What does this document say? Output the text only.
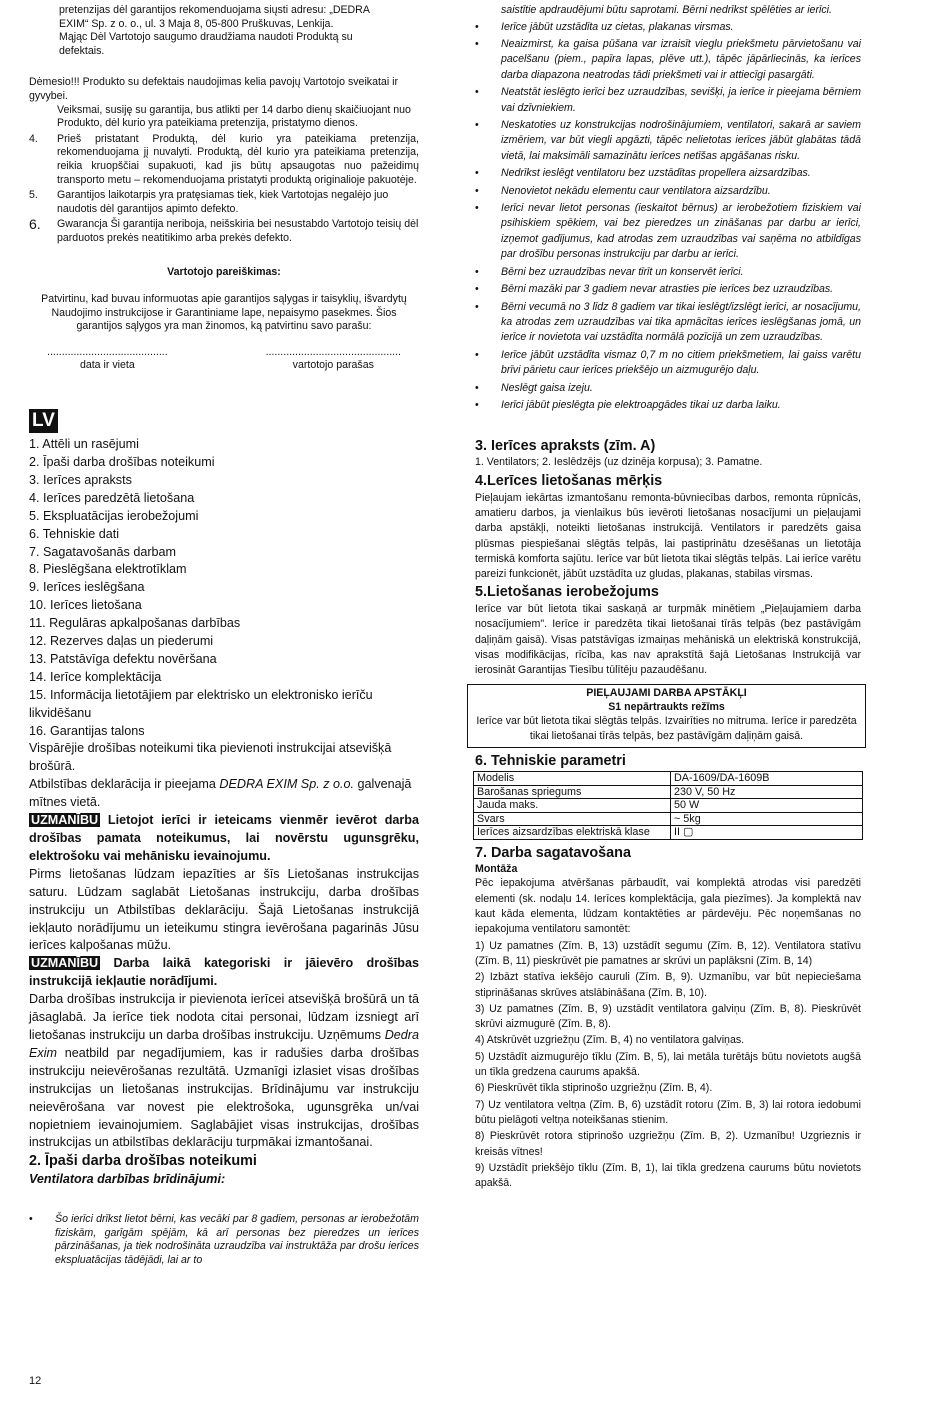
pretenzijas dėl garantijos rekomenduojama siųsti adresu: „DEDRA

EXIM“ Sp. z o. o., ul. 3 Maja 8, 05-800 Pruškuvas, Lenkija.

Mąjąc Dėl Vartotojo saugumo draudžiama naudoti Produktą su

defektais.

Dėmesio!!! Produkto su defektais naudojimas kelia pavojų Vartotojo sveikatai ir gyvybei.

Veiksmai, susiję su garantija, bus atlikti per 14 darbo dienų skaičiuojant nuo Produkto, dėl kurio yra pateikiama pretenzija, pristatymo dienos.

4.	Prieš pristatant Produktą, dėl kurio yra pateikiama pretenzija, rekomenduojama jį nuvalyti. Produktą, dėl kurio yra pateikiama pretenzija, reikia kruopščiai supakuoti, kad jis būtų apsaugotas nuo pažeidimų transporto metu – rekomenduojama pristatyti produktą originalioje pakuotėje.
5.	Garantijos laikotarpis yra pratęsiamas tiek, kiek Vartotojas negalėjo juo naudotis dėl garantijos apimto defekto.
6.	Gwarancja Ši garantija neriboja, neišskiria bei nesustabdo Vartotojo teisių dėl parduotos prekės neatitikimo arba prekės defekto.

Vartotojo pareiškimas:

Patvirtinu, kad buvau informuotas apie garantijos sąlygas ir taisyklių, išvardytų Naudojimo instrukcijose ir Garantiniame lape, nepaisymo pasekmes. Šios garantijos sąlygos yra man žinomos, ką patvirtinu savo parašu:

.........................................
data ir vieta
..............................................
vartotojo parašas
LV

1. Attēli un rasējumi

2. Īpaši darba drošības noteikumi

3. Ierīces apraksts

4. Ierīces paredzētā lietošana

5. Ekspluatācijas ierobežojumi

6. Tehniskie dati

7. Sagatavošanās darbam

8. Pieslēgšana elektrotīklam

9. Ierīces ieslēgšana

10. Ierīces lietošana

11. Regulāras apkalpošanas darbības

12. Rezerves daļas un piederumi

13. Patstāvīga defektu novēršana

14. Ierīce komplektācija

15. Informācija lietotājiem par elektrisko un elektronisko ierīču likvidēšanu

16. Garantijas talons

Vispārējie drošības noteikumi tika pievienoti instrukcijai atsevišķā brošūrā.

Atbilstības deklarācija ir pieejama DEDRA EXIM Sp. z o.o. galvenajā mītnes vietā.

UZMANĪBU Lietojot ierīci ir ieteicams vienmēr ievērot darba drošības pamata noteikumus, lai novērstu ugunsgrēku, elektrošoku vai mehānisku ievainojumu.

Pirms lietošanas lūdzam iepazīties ar šīs Lietošanas instrukcijas saturu. Lūdzam saglabāt Lietošanas instrukciju, darba drošības instrukciju un Atbilstības deklarāciju. Šajā Lietošanas instrukcijā iekļauto norādījumu un ieteikumu stingra ievērošana pagarinās Jūsu ierīces kalpošanas mūžu.

UZMANĪBU Darba laikā kategoriski ir jāievēro drošības instrukcijā iekļautie norādījumi.

Darba drošības instrukcija ir pievienota ierīcei atsevišķā brošūrā un tā jāsaglabā. Ja ierīce tiek nodota citai personai, lūdzam izsniegt arī lietošanas instrukciju un darba drošības instrukciju. Uzņēmums Dedra Exim neatbild par negadījumiem, kas ir radušies darba drošības instrukciju neievērošanas rezultātā. Uzmanīgi izlasiet visas drošības instrukcijas un lietošanas instrukcijas. Brīdinājumu var instrukciju neievērošana var novest pie elektrošoka, ugunsgrēka un/vai nopietniem ievainojumiem. Saglabājiet visas instrukcijas, drošības instrukcijas un atbilstības deklarāciju turpmākai izmantošanai.

2. Īpaši darba drošības noteikumi

Ventilatora darbības brīdinājumi:

•	Šo ierīci drīkst lietot bērni, kas vecāki par 8 gadiem, personas ar ierobežotām fiziskām, garīgām spējām, kā arī personas bez pieredzes un ierīces pārzināšanas, ja tiek nodrošināta uzraudzība vai instruktāža par drošu ierīces ekspluatācijas tādējādi, lai ar to

saistītie apdraudējumi būtu saprotami. Bērni nedrīkst spēlēties ar ierīci.

•	Ierīce jābūt uzstādīta uz cietas, plakanas virsmas.
•	Neaizmirst, ka gaisa pūšana var izraisīt vieglu priekšmetu pārvietošanu vai pacelšanu (piem., papīra lapas, plēve utt.), tāpēc jāpārliecinās, ka ierīces darba diapazona neatrodas tādi priekšmeti vai ir attiecīgi pasargāti.
•	Neatstāt ieslēgto ierīci bez uzraudzības, sevišķi, ja ierīce ir pieejama bērniem vai dzīvniekiem.
•	Neskatoties uz konstrukcijas nodrošinājumiem, ventilatori, sakarā ar saviem izmēriem, var būt viegli apgāzti, tāpēc nelietotas ierīces jābūt glabātas tādā vietā, lai maksimāli samazinātu ierīces netīšas apgāšanas risku.
•	Nedrīkst ieslēgt ventilatoru bez uzstādītas propellera aizsardzības.
•	Nenovietot nekādu elementu caur ventilatora aizsardzību.
•	Ierīci nevar lietot personas (ieskaitot bērnus) ar ierobežotiem fiziskiem vai psihiskiem spēkiem, vai bez pieredzes un zināšanas par darbu ar ierīci, izņemot gadījumus, kad atrodas zem uzraudzības vai saņēma no atbildīgas par drošību personas instrukciju par darbu ar ierīci.
•	Bērni bez uzraudzības nevar tīrīt un konservēt ierīci.
•	Bērni mazāki par 3 gadiem nevar atrasties pie ierīces bez uzraudzības.
•	Bērni vecumā no 3 līdz 8 gadiem var tikai ieslēgt/izslēgt ierīci, ar nosacījumu, ka atrodas zem uzraudzības vai tika apmācītas ierīces ieslēgšanas jomā, un ierīce ir novietota vai uzstādīta normālā pozīcijā un zem uzraudzības.
•	Ierīce jābūt uzstādīta vismaz 0,7 m no citiem priekšmetiem, lai gaiss varētu brīvi pārietu caur ierīces priekšējo un aizmugurējo daļu.
•	Neslēgt gaisa izeju.
•	Ierīci jābūt pieslēgta pie elektroapgādes tikai uz darba laiku.

3. Ierīces apraksts (zīm. A)

1. Ventilators; 2. Ieslēdzējs (uz dzinēja korpusa); 3. Pamatne.

4.Lerīces lietošanas mērķis

Pieļaujam iekārtas izmantošanu remonta-būvniecības darbos, remonta rūpnīcās, amatieru darbos, ja vienlaikus būs ievēroti lietošanas nosacījumi un pieļaujami darba apstākļi, noteikti lietošanas instrukcijā. Ventilators ir paredzēts gaisa plūsmas piespiešanai slēgtās telpās, lai pastiprinātu dzesēšanas un lietotāja termiskā komforta sajūtu. Ierīce var būt lietota tikai slēgtās telpās. Lai ierīce varētu pareizi funkcionēt, jābūt uzstādīta uz gludas, plakanas, stabilas virsmas.

5.Lietošanas ierobežojums

Ierīce var būt lietota tikai saskaņā ar turpmāk minētiem „Pieļaujamiem darba nosacījumiem". Ierīce ir paredzēta tikai lietošanai tīrās telpās (bez pastāvīgām daļiņām gaisā). Visas patstāvīgas izmaiņas mehāniskā un elektriskā konstrukcijā, visas modifikācijas, rīcība, kas nav aprakstītā šajā Lietošanas Instrukcijā var ierosināt Garantijas Tiesību tūlītēju pazaudēšanu.

PIEĻAUJAMI DARBA APSTĀKĻI

S1 nepārtraukts režīms

Ierīce var būt lietota tikai slēgtās telpās. Izvairīties no mitruma. Ierīce ir paredzēta tikai lietošanai tīrās telpās, bez pastāvīgām daļiņām gaisā.

6. Tehniskie parametri

Modelis	DA-1609/DA-1609B
Barošanas spriegums	230 V, 50 Hz
Jauda maks.	50 W
Svars	~ 5kg
Ierīces aizsardzības elektriskā klase	II ▢

7. Darba sagatavošana

Montāža

Pēc iepakojuma atvēršanas pārbaudīt, vai komplektā atrodas visi paredzēti elementi (sk. nodaļu 14. Ierīces komplektācija, gala piezīmes). Ja komplektā nav kaut kāda elementa, lūdzam kontaktēties ar pārdevēju. Pēc noņemšanas no iepakojuma ventilatoru samontēt:

1) Uz pamatnes (Zīm. B, 13) uzstādīt segumu (Zīm. B, 12). Ventilatora statīvu (Zīm. B, 11) pieskrūvēt pie pamatnes ar skrūvi un paplāksni (Zīm. B, 14)

2) Izbāzt statīva iekšējo cauruli (Zīm. B, 9). Uzmanību, var būt nepieciešama stiprināšanas skrūves atslābināšana (Zīm. B, 10).

3) Uz pamatnes (Zīm. B, 9) uzstādīt ventilatora galviņu (Zīm. B, 8). Pieskrūvēt skrūvi aizmugurē (Zīm. B, 8).

4) Atskrūvēt uzgriežņu (Zīm. B, 4) no ventilatora galviņas.

5) Uzstādīt aizmugurējo tīklu (Zīm. B, 5), lai metāla turētājs būtu novietots augšā un tīkla gredzena caurums apakšā.

6) Pieskrūvēt tīkla stiprinošo uzgriežņu (Zīm. B, 4).

7) Uz ventilatora veltņa (Zīm. B, 6) uzstādīt rotoru (Zīm. B, 3) lai rotora iedobumi būtu pielāgoti veltņa noteikšanas stienim.

8) Pieskrūvēt rotora stiprinošo uzgriežņu (Zīm. B, 2). Uzmanību! Uzgrieznis ir kreisās vītnes!

9) Uzstādīt priekšējo tīklu (Zīm. B, 1), lai tīkla gredzena caurums būtu novietots apakšā.

12
